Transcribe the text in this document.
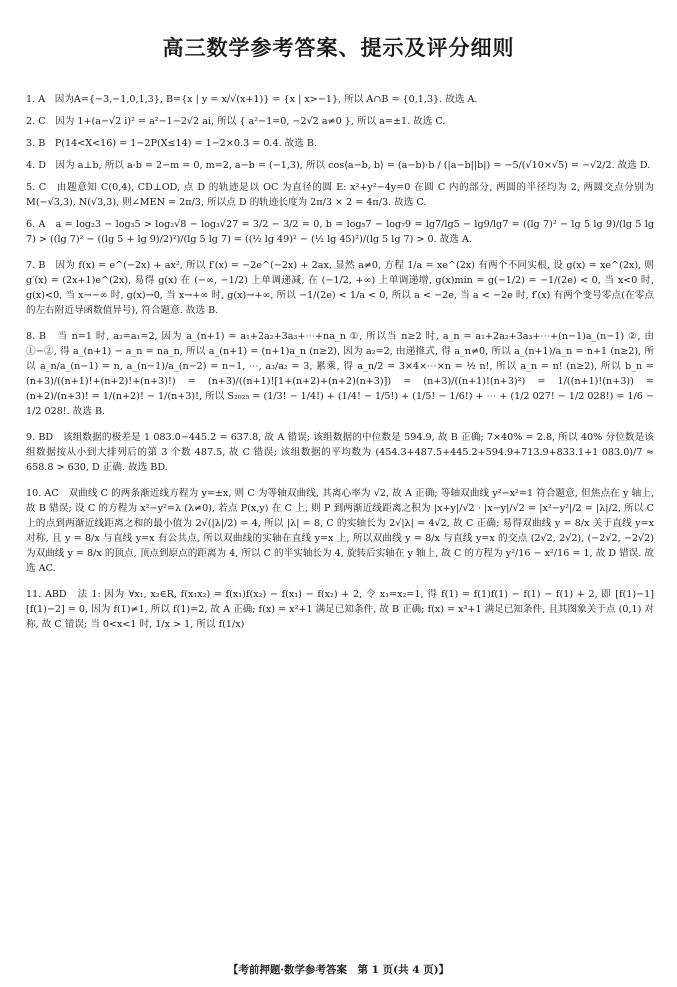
高三数学参考答案、提示及评分细则

1. A　因为A={−3,−1,0,1,3}, B={x | y = x/√(x+1)} = {x | x>−1}, 所以 A∩B = {0,1,3}. 故选 A.

2. C　因为 1+(a−√2 i)² = a²−1−2√2 ai, 所以 { a²−1=0, −2√2 a≠0 }, 所以 a=±1. 故选 C.

3. B　P(14<X<16) = 1−2P(X≤14) = 1−2×0.3 = 0.4. 故选 B.

4. D　因为 a⊥b, 所以 a·b = 2−m = 0, m=2, a−b = (−1,3), 所以 cos⟨a−b, b⟩ = (a−b)·b / (|a−b||b|) = −5/(√10×√5) = −√2/2. 故选 D.

5. C　由题意知 C(0,4), CD⊥OD, 点 D 的轨迹是以 OC 为直径的圆 E: x²+y²−4y=0 在圆 C 内的部分, 两圆的半径均为 2, 两圆交点分别为 M(−√3,3), N(√3,3), 则∠MEN = 2π/3, 所以点 D 的轨迹长度为 2π/3 × 2 = 4π/3. 故选 C.

6. A　a = log₂3 − log₃5 > log₂√8 − log₃√27 = 3/2 − 3/2 = 0, b = log₅7 − log₇9 = lg7/lg5 − lg9/lg7 = ((lg 7)² − lg 5 lg 9)/(lg 5 lg 7) > ((lg 7)² − ((lg 5 + lg 9)/2)²)/(lg 5 lg 7) = ((½ lg 49)² − (½ lg 45)²)/(lg 5 lg 7) > 0. 故选 A.

7. B　因为 f(x) = e^(−2x) + ax², 所以 f′(x) = −2e^(−2x) + 2ax, 显然 a≠0, 方程 1/a = xe^(2x) 有两个不同实根, 设 g(x) = xe^(2x), 则 g′(x) = (2x+1)e^(2x), 易得 g(x) 在 (−∞, −1/2) 上单调递减, 在 (−1/2, +∞) 上单调递增, g(x)min = g(−1/2) = −1/(2e) < 0, 当 x<0 时, g(x)<0, 当 x→−∞ 时, g(x)→0, 当 x→+∞ 时, g(x)→+∞, 所以 −1/(2e) < 1/a < 0, 所以 a < −2e, 当 a < −2e 时, f′(x) 有两个变号零点(在零点的左右附近导函数值异号), 符合题意. 故选 B.

8. B　当 n=1 时, a₂=a₁=2, 因为 a_(n+1) = a₁+2a₂+3a₃+⋯+na_n ①, 所以当 n≥2 时, a_n = a₁+2a₂+3a₃+⋯+(n−1)a_(n−1) ②, 由①−②, 得 a_(n+1) − a_n = na_n, 所以 a_(n+1) = (n+1)a_n (n≥2), 因为 a₂=2, 由递推式, 得 a_n≠0, 所以 a_(n+1)/a_n = n+1 (n≥2), 所以 a_n/a_(n−1) = n, a_(n−1)/a_(n−2) = n−1, ⋯, a₃/a₂ = 3, 累乘, 得 a_n/2 = 3×4×⋯×n = ½ n!, 所以 a_n = n! (n≥2), 所以 b_n = (n+3)/((n+1)!+(n+2)!+(n+3)!) = (n+3)/((n+1)![1+(n+2)+(n+2)(n+3)]) = (n+3)/((n+1)!(n+3)²) = 1/((n+1)!(n+3)) = (n+2)/(n+3)! = 1/(n+2)! − 1/(n+3)!, 所以 S₂₀₂₅ = (1/3! − 1/4!) + (1/4! − 1/5!) + (1/5! − 1/6!) + ⋯ + (1/2 027! − 1/2 028!) = 1/6 − 1/2 028!. 故选 B.

9. BD　该组数据的极差是 1 083.0−445.2 = 637.8, 故 A 错误; 该组数据的中位数是 594.9, 故 B 正确; 7×40% = 2.8, 所以 40% 分位数是该组数据按从小到大排列后的第 3 个数 487.5, 故 C 错误; 该组数据的平均数为 (454.3+487.5+445.2+594.9+713.9+833.1+1 083.0)/7 ≈ 658.8 > 630, D 正确. 故选 BD.

10. AC　双曲线 C 的两条渐近线方程为 y=±x, 则 C 为等轴双曲线, 其离心率为 √2, 故 A 正确; 等轴双曲线 y²−x²=1 符合题意, 但焦点在 y 轴上, 故 B 错误; 设 C 的方程为 x²−y²=λ (λ≠0), 若点 P(x,y) 在 C 上, 则 P 到两渐近线距离之积为 |x+y|/√2 · |x−y|/√2 = |x²−y²|/2 = |λ|/2, 所以 C 上的点到两渐近线距离之和的最小值为 2√(|λ|/2) = 4, 所以 |λ| = 8, C 的实轴长为 2√|λ| = 4√2, 故 C 正确; 易得双曲线 y = 8/x 关于直线 y=x 对称, 且 y = 8/x 与直线 y=x 有公共点, 所以双曲线的实轴在直线 y=x 上, 所以双曲线 y = 8/x 与直线 y=x 的交点 (2√2, 2√2), (−2√2, −2√2) 为双曲线 y = 8/x 的顶点, 顶点到原点的距离为 4, 所以 C 的半实轴长为 4, 旋转后实轴在 y 轴上, 故 C 的方程为 y²/16 − x²/16 = 1, 故 D 错误. 故选 AC.

11. ABD　法 1: 因为 ∀x₁, x₂∈R, f(x₁x₂) = f(x₁)f(x₂) − f(x₁) − f(x₂) + 2, 令 x₁=x₂=1, 得 f(1) = f(1)f(1) − f(1) − f(1) + 2, 即 [f(1)−1][f(1)−2] = 0, 因为 f(1)≠1, 所以 f(1)=2, 故 A 正确; f(x) = x²+1 满足已知条件, 故 B 正确; f(x) = x³+1 满足已知条件, 且其图象关于点 (0,1) 对称, 故 C 错误; 当 0<x<1 时, 1/x > 1, 所以 f(1/x)

【考前押题·数学参考答案　第 1 页(共 4 页)】
